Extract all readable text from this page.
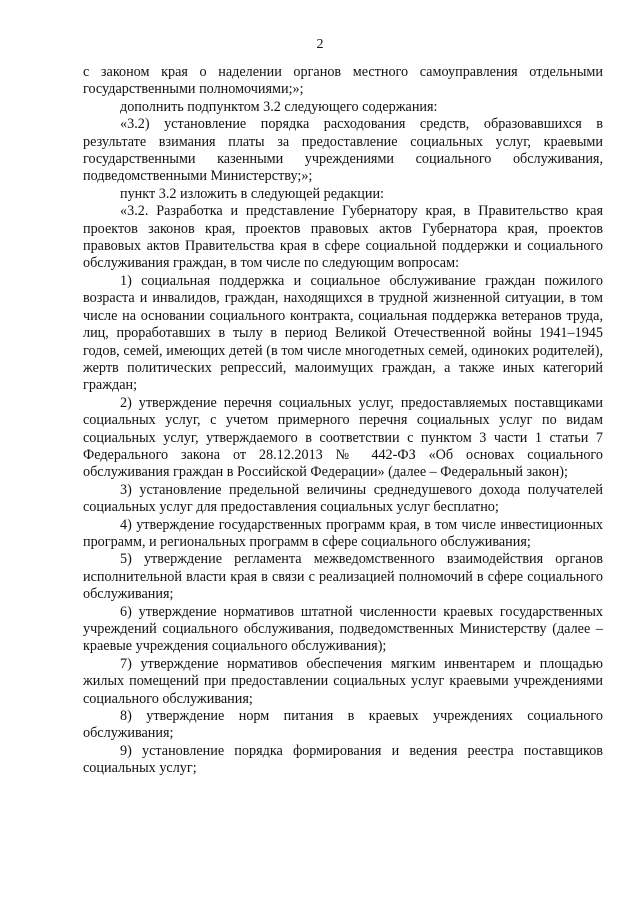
2

с законом края о наделении органов местного самоуправления отдельными государственными полномочиями;»;

дополнить подпунктом 3.2 следующего содержания:

«3.2) установление порядка расходования средств, образовавшихся в результате взимания платы за предоставление социальных услуг, краевыми государственными казенными учреждениями социального обслуживания, подведомственными Министерству;»;

пункт 3.2 изложить в следующей редакции:

«3.2. Разработка и представление Губернатору края, в Правительство края проектов законов края, проектов правовых актов Губернатора края, проектов правовых актов Правительства края в сфере социальной поддержки и социального обслуживания граждан, в том числе по следующим вопросам:

1) социальная поддержка и социальное обслуживание граждан пожилого возраста и инвалидов, граждан, находящихся в трудной жизненной ситуации, в том числе на основании социального контракта, социальная поддержка ветеранов труда, лиц, проработавших в тылу в период Великой Отечественной войны 1941–1945 годов, семей, имеющих детей (в том числе многодетных семей, одиноких родителей), жертв политических репрессий, малоимущих граждан, а также иных категорий граждан;

2) утверждение перечня социальных услуг, предоставляемых поставщиками социальных услуг, с учетом примерного перечня социальных услуг по видам социальных услуг, утверждаемого в соответствии с пунктом 3 части 1 статьи 7 Федерального закона от 28.12.2013 № 442-ФЗ «Об основах социального обслуживания граждан в Российской Федерации» (далее – Федеральный закон);

3) установление предельной величины среднедушевого дохода получателей социальных услуг для предоставления социальных услуг бесплатно;

4) утверждение государственных программ края, в том числе инвестиционных программ, и региональных программ в сфере социального обслуживания;

5) утверждение регламента межведомственного взаимодействия органов исполнительной власти края в связи с реализацией полномочий в сфере социального обслуживания;

6) утверждение нормативов штатной численности краевых государственных учреждений социального обслуживания, подведомственных Министерству (далее – краевые учреждения социального обслуживания);

7) утверждение нормативов обеспечения мягким инвентарем и площадью жилых помещений при предоставлении социальных услуг краевыми учреждениями социального обслуживания;

8) утверждение норм питания в краевых учреждениях социального обслуживания;

9) установление порядка формирования и ведения реестра поставщиков социальных услуг;
